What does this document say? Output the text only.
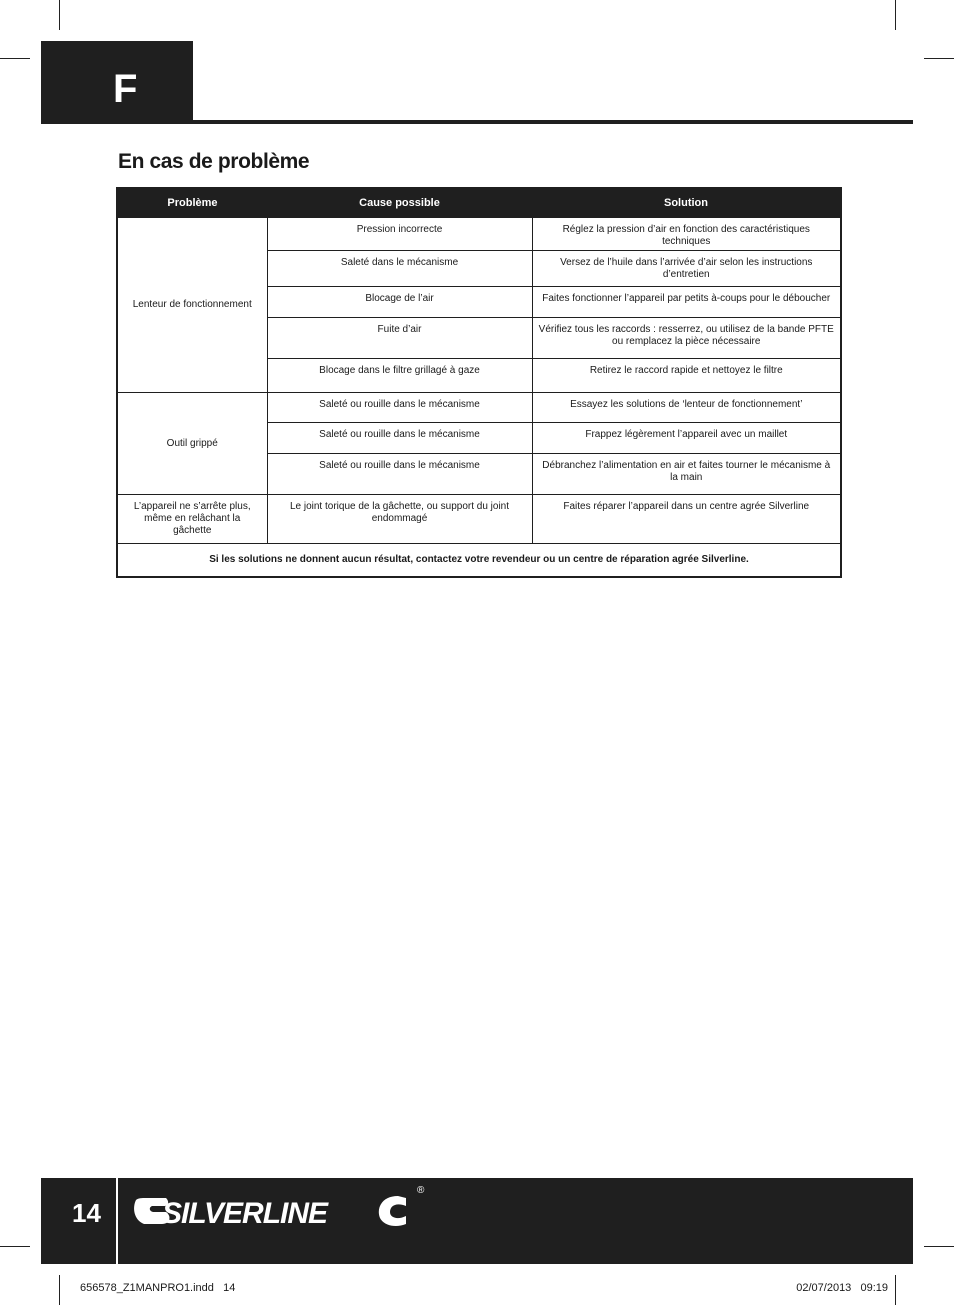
F
En cas de problème
Problème	Cause possible	Solution
Lenteur de fonctionnement	Pression incorrecte	Réglez la pression d’air en fonction des caractéristiques techniques
	Saleté dans le mécanisme	Versez de l’huile dans l’arrivée d’air selon les instructions d’entretien
	Blocage de l’air	Faites fonctionner l’appareil par petits à-coups pour le déboucher
	Fuite d’air	Vérifiez tous les raccords : resserrez, ou utilisez de la bande PFTE ou remplacez la pièce nécessaire
	Blocage dans le filtre grillagé à gaze	Retirez le raccord rapide et nettoyez le filtre
Outil grippé	Saleté ou rouille dans le mécanisme	Essayez les solutions de ‘lenteur de fonctionnement’
	Saleté ou rouille dans le mécanisme	Frappez légèrement l’appareil avec un maillet
	Saleté ou rouille dans le mécanisme	Débranchez l’alimentation en air et faites tourner le mécanisme à la main
L’appareil ne s’arrête plus, même en relâchant la gâchette	Le joint torique de la gâchette, ou support du joint endommagé	Faites réparer l’appareil dans un centre agrée Silverline
Si les solutions ne donnent aucun résultat, contactez votre revendeur ou un centre de réparation agrée Silverline.		
14 SILVERLINE
®
656578_Z1MANPRO1.indd   14	02/07/2013   09:19
